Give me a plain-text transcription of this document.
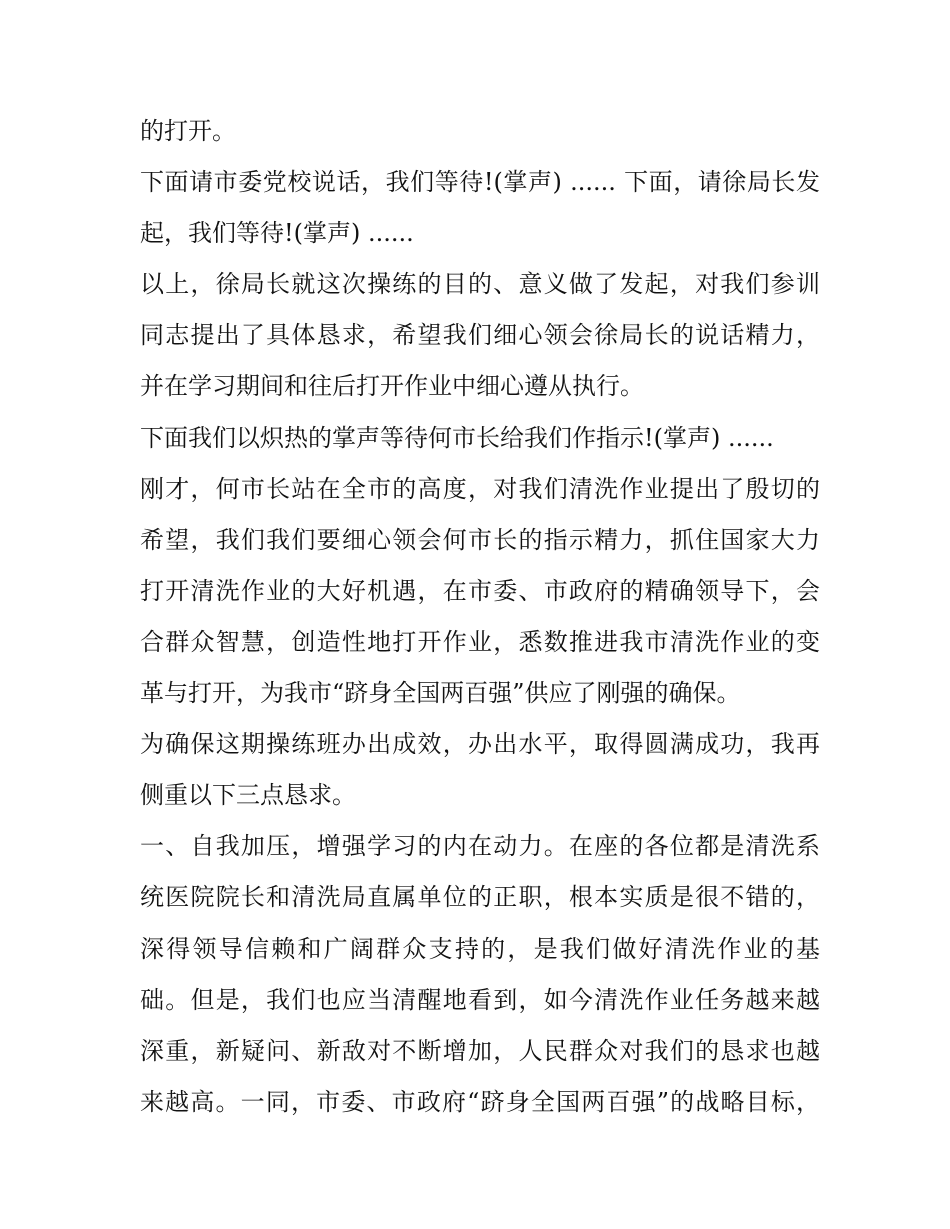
的打开。
下面请市委党校说话，我们等待!(掌声) ...... 下面，请徐局长发
起，我们等待!(掌声) ......
以上，徐局长就这次操练的目的、意义做了发起，对我们参训
同志提出了具体恳求，希望我们细心领会徐局长的说话精力，
并在学习期间和往后打开作业中细心遵从执行。
下面我们以炽热的掌声等待何市长给我们作指示!(掌声) ......
刚才，何市长站在全市的高度，对我们清洗作业提出了殷切的
希望，我们我们要细心领会何市长的指示精力，抓住国家大力
打开清洗作业的大好机遇，在市委、市政府的精确领导下，会
合群众智慧，创造性地打开作业，悉数推进我市清洗作业的变
革与打开，为我市“跻身全国两百强”供应了刚强的确保。
为确保这期操练班办出成效，办出水平，取得圆满成功，我再
侧重以下三点恳求。
一、自我加压，增强学习的内在动力。在座的各位都是清洗系
统医院院长和清洗局直属单位的正职，根本实质是很不错的，
深得领导信赖和广阔群众支持的，是我们做好清洗作业的基
础。但是，我们也应当清醒地看到，如今清洗作业任务越来越
深重，新疑问、新敌对不断增加，人民群众对我们的恳求也越
来越高。一同，市委、市政府“跻身全国两百强”的战略目标，
